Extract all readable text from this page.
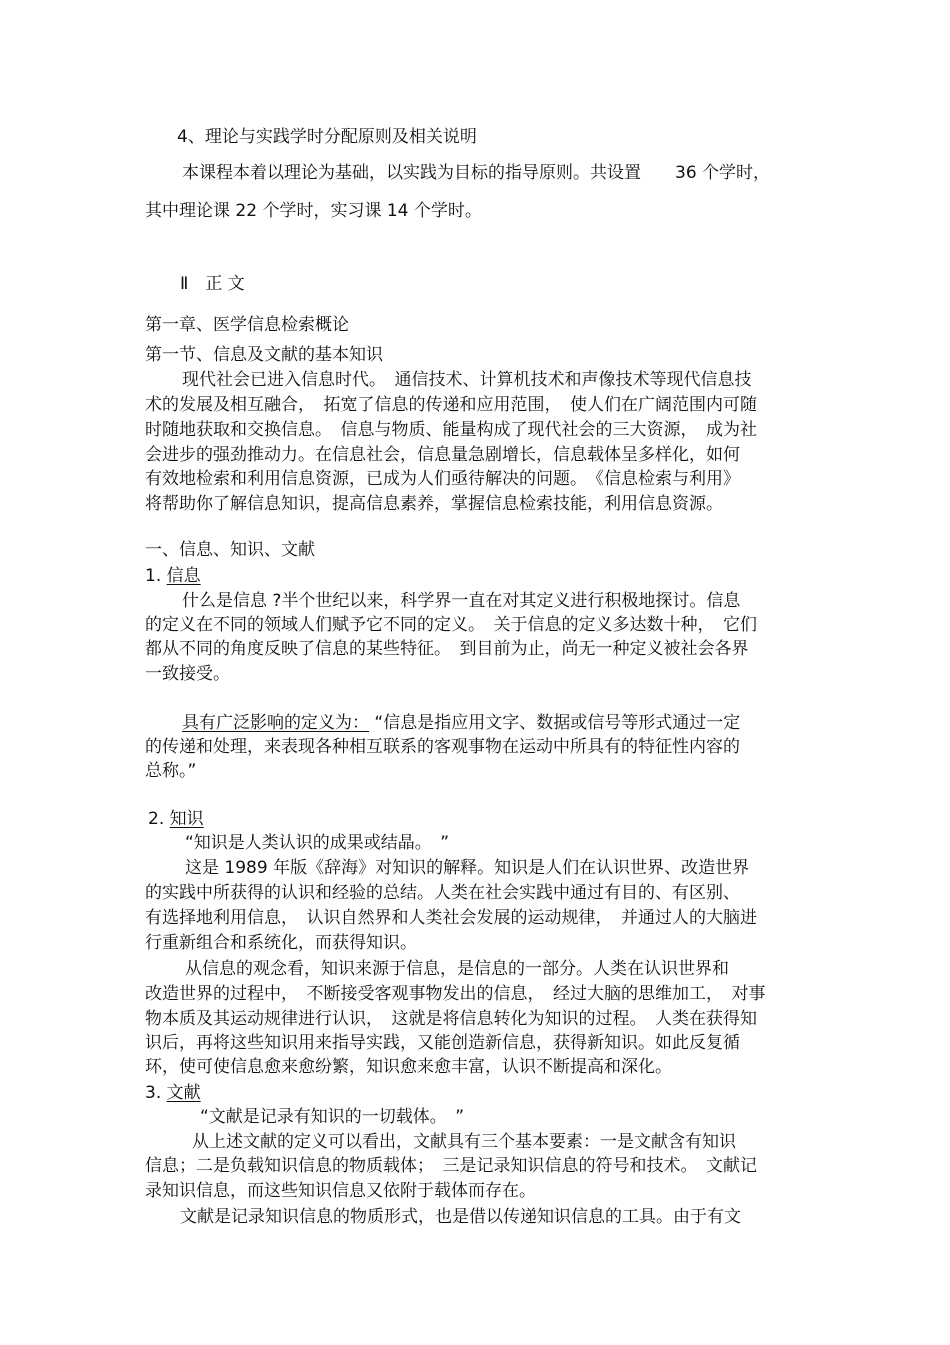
4、理论与实践学时分配原则及相关说明
本课程本着以理论为基础，以实践为目标的指导原则。共设置　　36 个学时，
其中理论课 22 个学时，实习课 14 个学时。
Ⅱ　正 文
第一章、医学信息检索概论
第一节、信息及文献的基本知识
现代社会已进入信息时代。　通信技术、计算机技术和声像技术等现代信息技
术的发展及相互融合，　拓宽了信息的传递和应用范围，　使人们在广阔范围内可随
时随地获取和交换信息。　信息与物质、能量构成了现代社会的三大资源，　成为社
会进步的强劲推动力。在信息社会，信息量急剧增长，信息载体呈多样化，如何
有效地检索和利用信息资源，已成为人们亟待解决的问题。　《信息检索与利用》
将帮助你了解信息知识，提高信息素养，掌握信息检索技能，利用信息资源。
一、信息、知识、文献
1. 信息
什么是信息 ?半个世纪以来，科学界一直在对其定义进行积极地探讨。信息
的定义在不同的领域人们赋予它不同的定义。　关于信息的定义多达数十种，　它们
都从不同的角度反映了信息的某些特征。　到目前为止，尚无一种定义被社会各界
一致接受。
具有广泛影响的定义为： “信息是指应用文字、数据或信号等形式通过一定
的传递和处理，来表现各种相互联系的客观事物在运动中所具有的特征性内容的
总称。”
2. 知识
“知识是人类认识的成果或结晶。　”
这是 1989 年版《辞海》对知识的解释。知识是人们在认识世界、改造世界
的实践中所获得的认识和经验的总结。人类在社会实践中通过有目的、有区别、
有选择地利用信息，　认识自然界和人类社会发展的运动规律，　并通过人的大脑进
行重新组合和系统化，而获得知识。
从信息的观念看，知识来源于信息，是信息的一部分。人类在认识世界和
改造世界的过程中，　不断接受客观事物发出的信息，　经过大脑的思维加工，　对事
物本质及其运动规律进行认识，　这就是将信息转化为知识的过程。　人类在获得知
识后，再将这些知识用来指导实践，又能创造新信息，获得新知识。如此反复循
环，使可使信息愈来愈纷繁，知识愈来愈丰富，认识不断提高和深化。
3. 文献
“文献是记录有知识的一切载体。　”
从上述文献的定义可以看出，文献具有三个基本要素：一是文献含有知识
信息；二是负载知识信息的物质载体；　三是记录知识信息的符号和技术。　文献记
录知识信息，而这些知识信息又依附于载体而存在。
文献是记录知识信息的物质形式，也是借以传递知识信息的工具。由于有文
